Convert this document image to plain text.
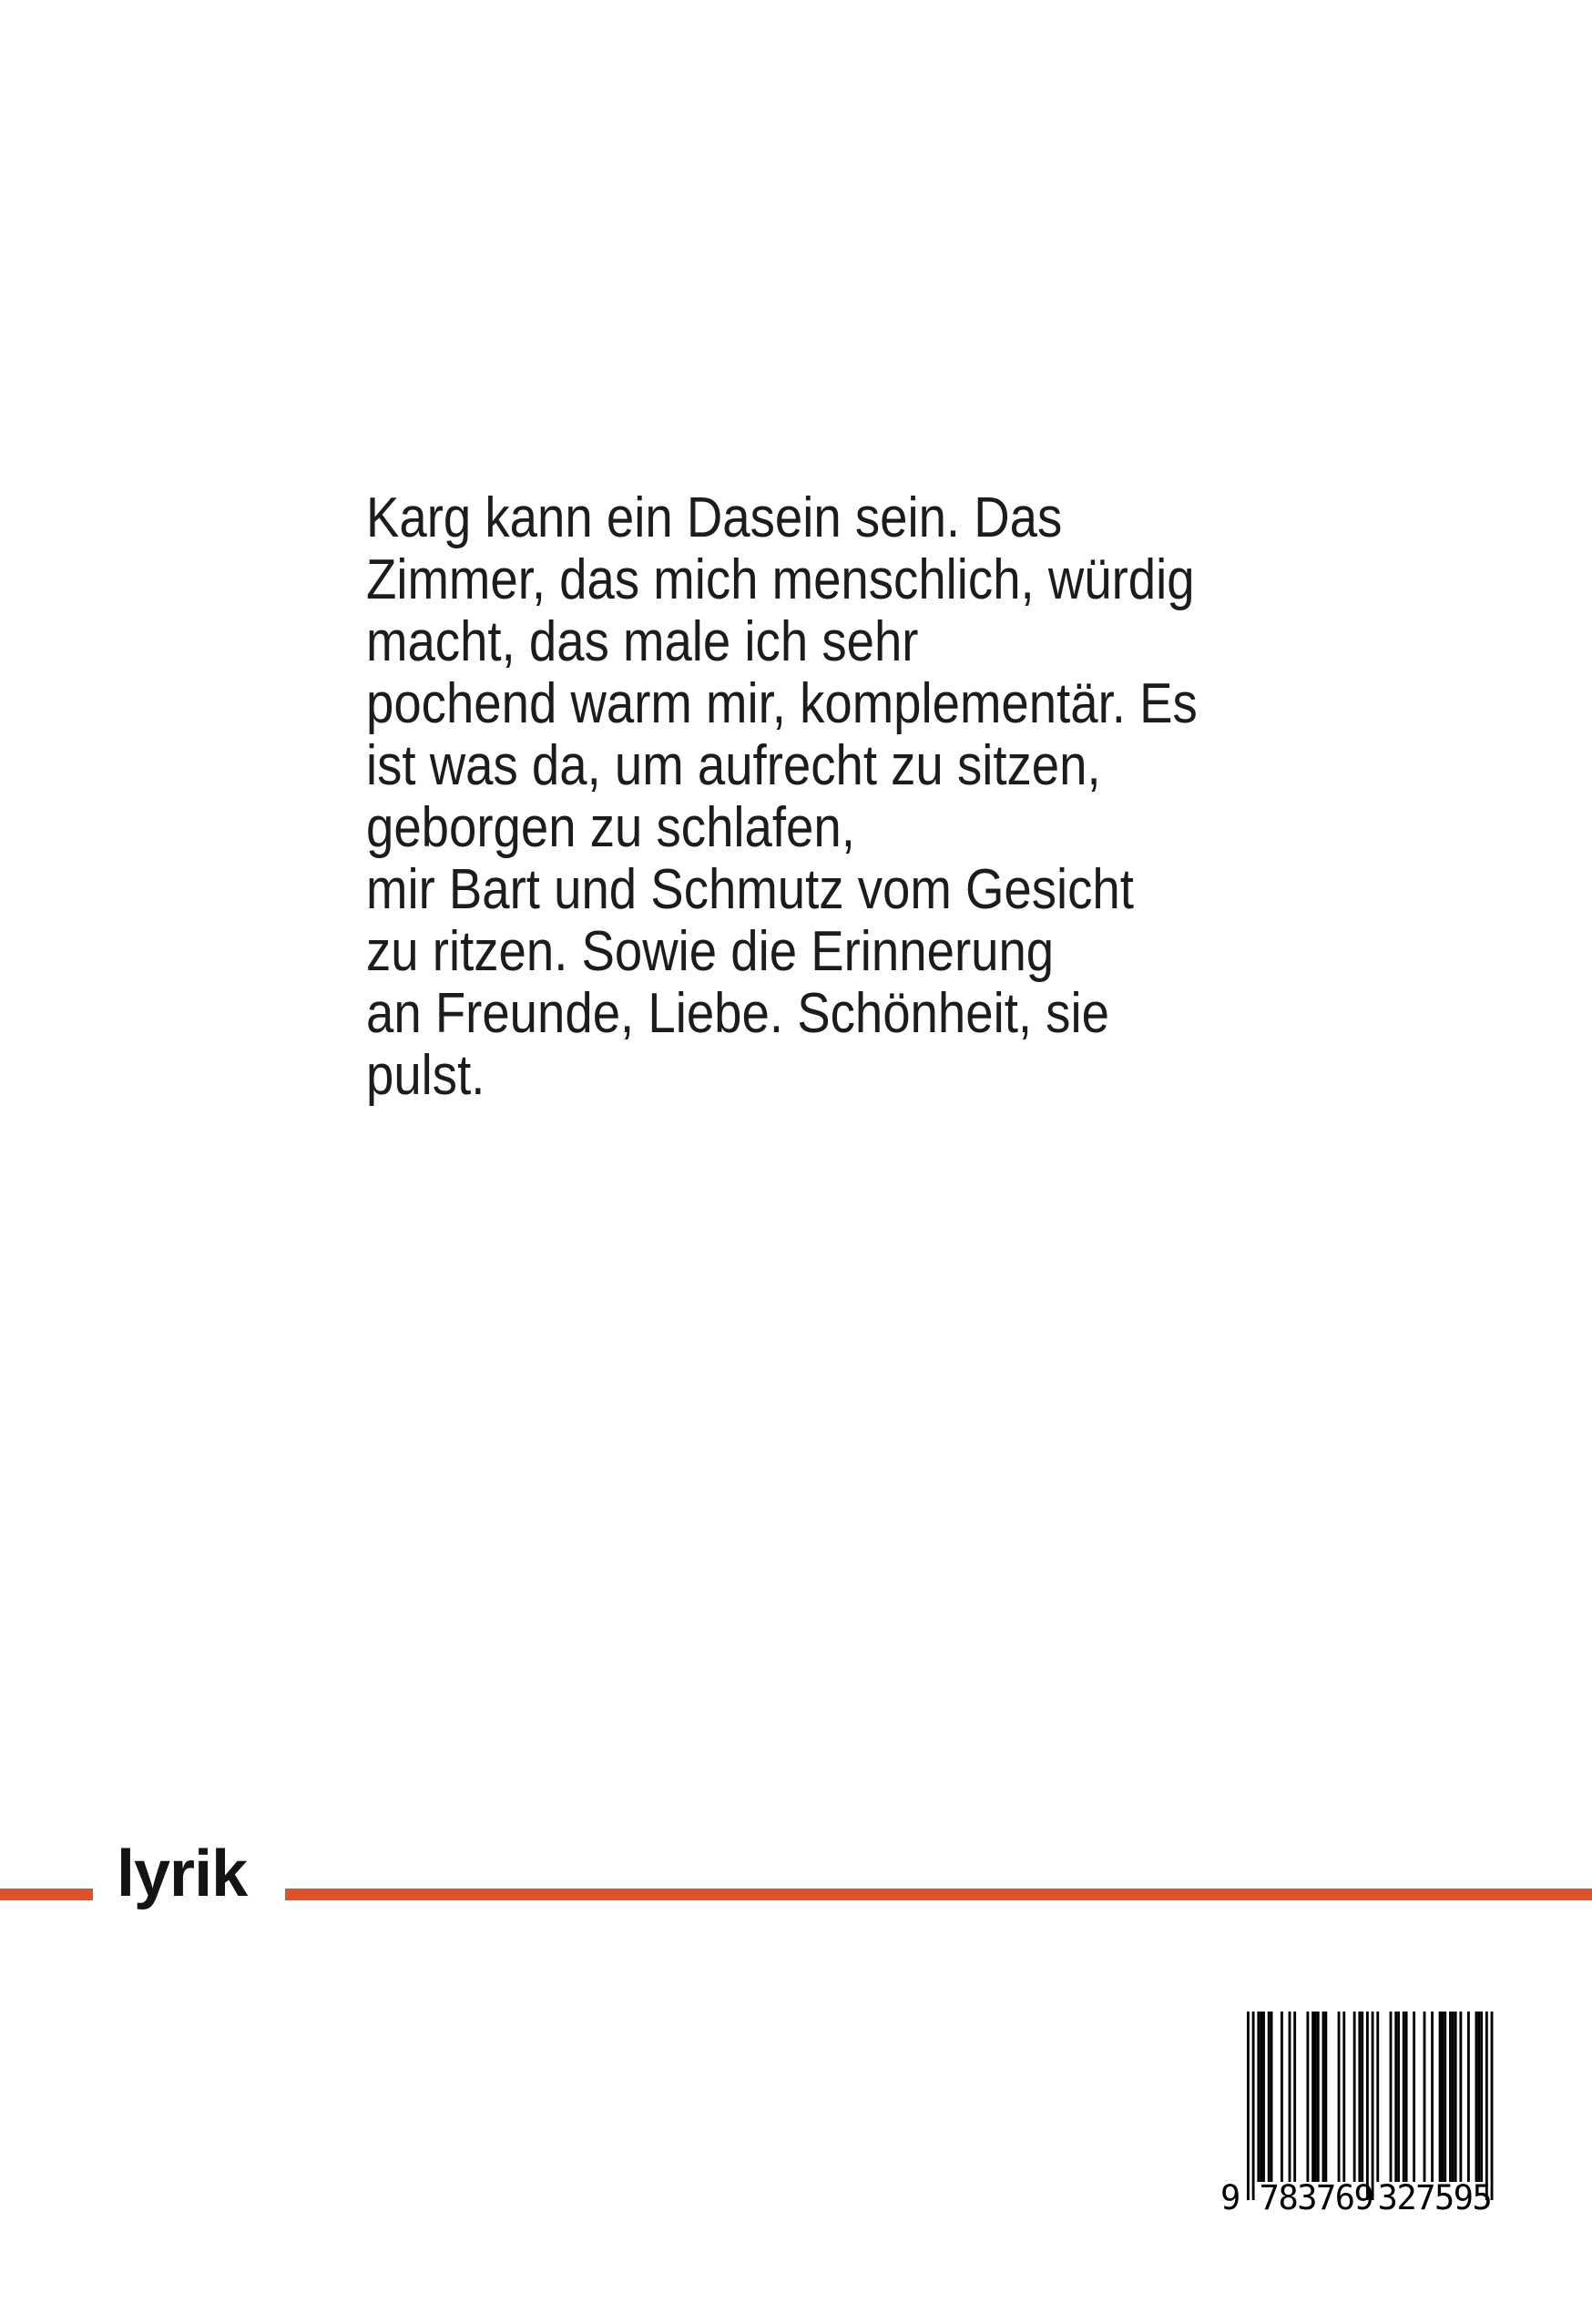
Karg kann ein Dasein sein. Das
Zimmer, das mich menschlich, würdig
macht, das male ich sehr
pochend warm mir, komplementär. Es
ist was da, um aufrecht zu sitzen,
geborgen zu schlafen,
mir Bart und Schmutz vom Gesicht
zu ritzen. Sowie die Erinnerung
an Freunde, Liebe. Schönheit, sie
pulst.
lyrik
9 783769 327595
